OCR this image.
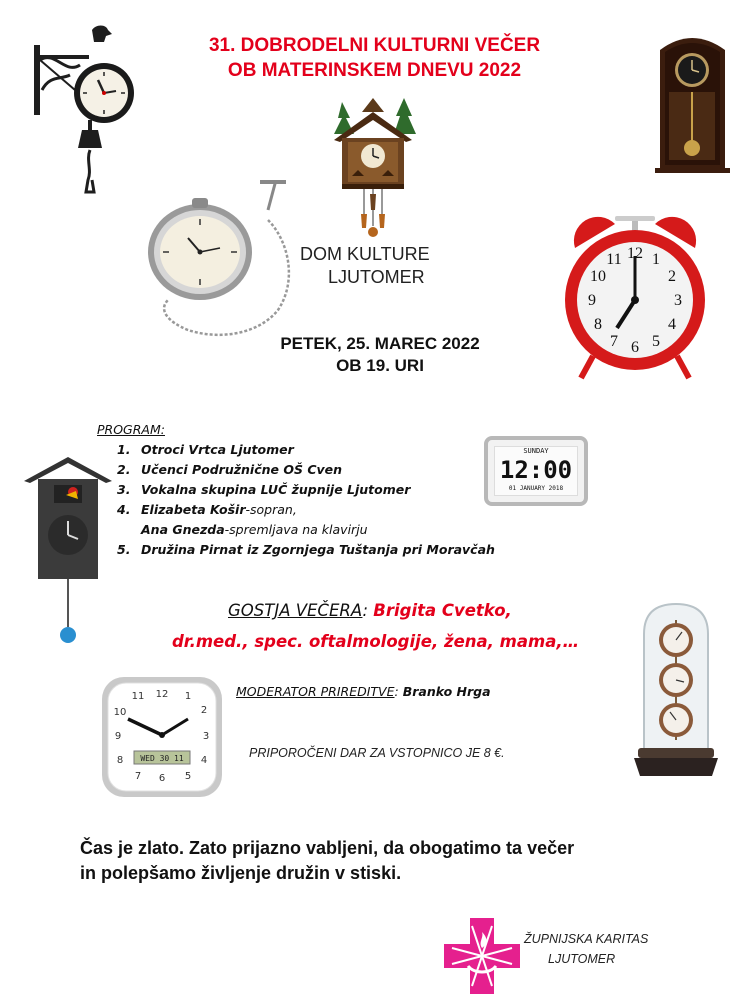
31. DOBRODELNI KULTURNI VEČER
OB MATERINSKEM DNEVU 2022
DOM KULTURE
LJUTOMER
12 1
2
3
4
5
6
7
8
9
10
11
PETEK, 25. MAREC 2022
OB 19. URI
PROGRAM:
1. Otroci Vrtca Ljutomer
2. Učenci Podružnične OŠ Cven
3. Vokalna skupina LUČ župnije Ljutomer
4. Elizabeta Košir-sopran,
Ana Gnezda-spremljava na klavirju
5. Družina Pirnat iz Zgornjega Tuštanja pri Moravčah
SUNDAY
12:00
01 JANUARY 2018
GOSTJA VEČERA: Brigita Cvetko,
dr.med., spec. oftalmologije, žena, mama,…
11 12 1
2
10
9	3
8	4
7 6 5
WED 30 11
MODERATOR PRIREDITVE: Branko Hrga
PRIPOROČENI DAR ZA VSTOPNICO JE 8 €.
Čas je zlato. Zato prijazno vabljeni, da obogatimo ta večer
in polepšamo življenje družin v stiski.
ŽUPNIJSKA KARITAS
LJUTOMER
